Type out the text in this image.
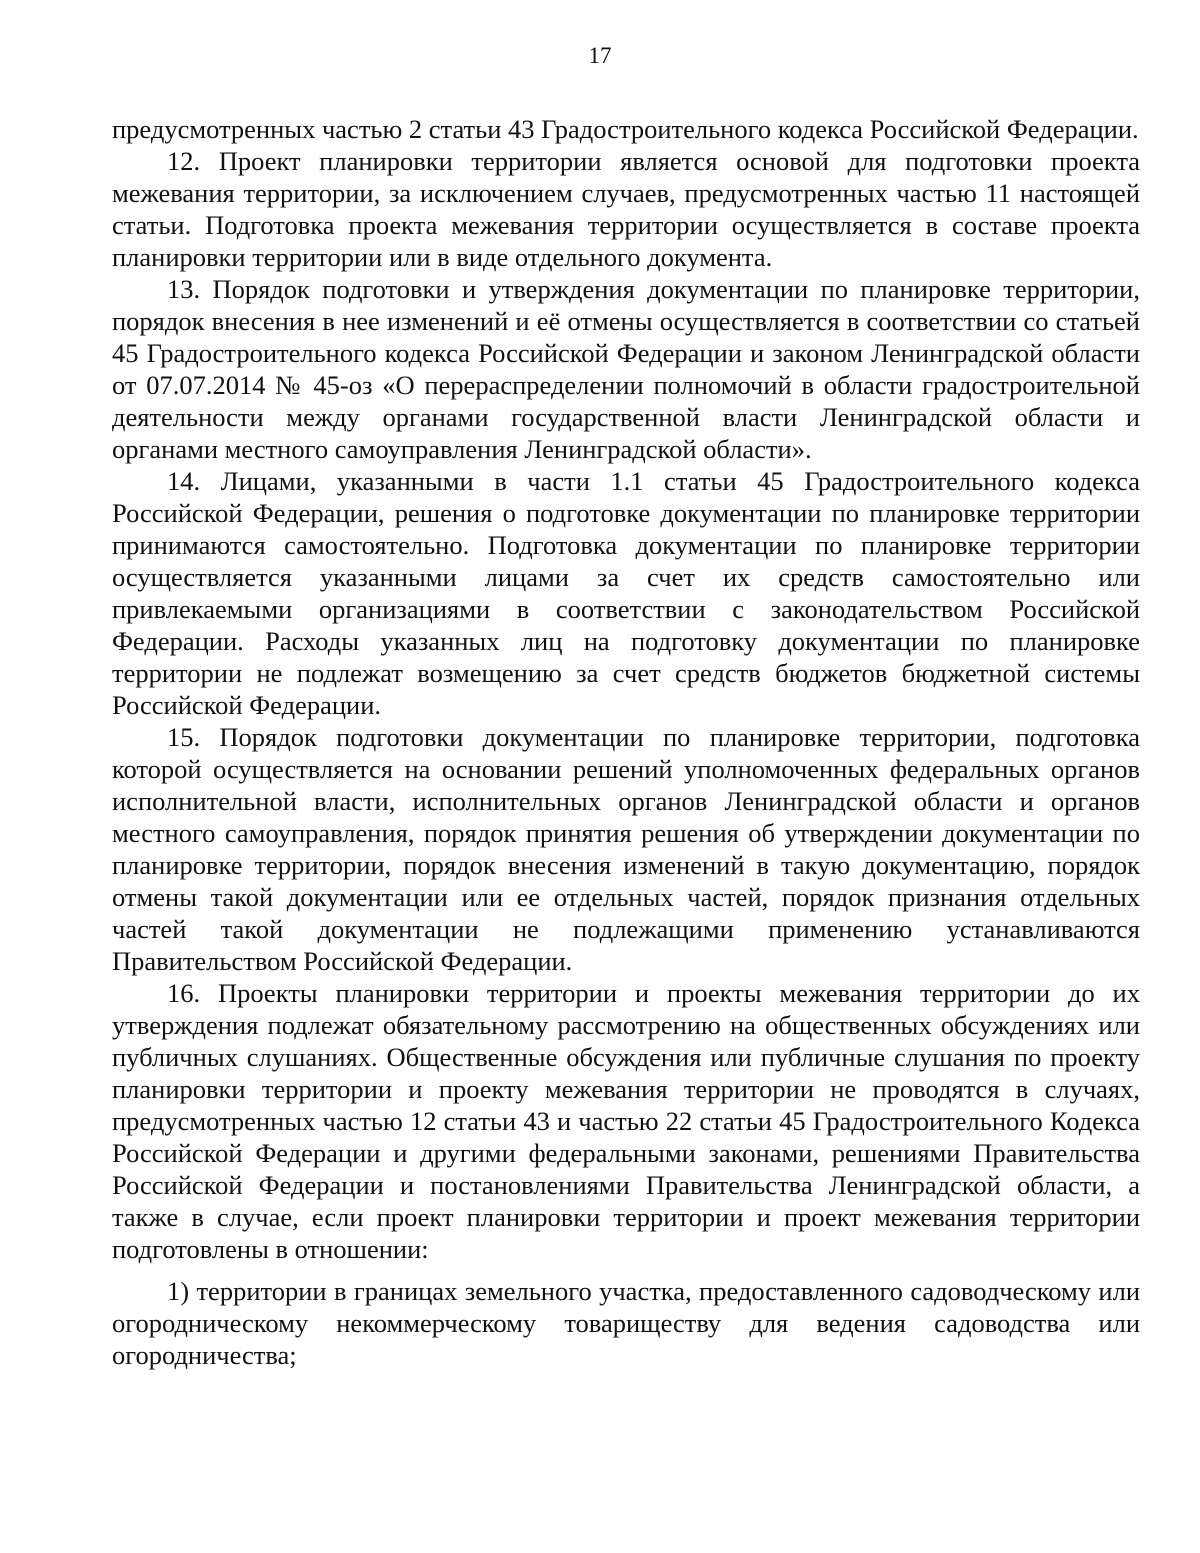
17

предусмотренных частью 2 статьи 43 Градостроительного кодекса Российской Федерации.

12. Проект планировки территории является основой для подготовки проекта межевания территории, за исключением случаев, предусмотренных частью 11 настоящей статьи. Подготовка проекта межевания территории осуществляется в составе проекта планировки территории или в виде отдельного документа.

13. Порядок подготовки и утверждения документации по планировке территории, порядок внесения в нее изменений и её отмены осуществляется в соответствии со статьей 45 Градостроительного кодекса Российской Федерации и законом Ленинградской области от 07.07.2014 № 45-оз «О перераспределении полномочий в области градостроительной деятельности между органами государственной власти Ленинградской области и органами местного самоуправления Ленинградской области».

14. Лицами, указанными в части 1.1 статьи 45 Градостроительного кодекса Российской Федерации, решения о подготовке документации по планировке территории принимаются самостоятельно. Подготовка документации по планировке территории осуществляется указанными лицами за счет их средств самостоятельно или привлекаемыми организациями в соответствии с законодательством Российской Федерации. Расходы указанных лиц на подготовку документации по планировке территории не подлежат возмещению за счет средств бюджетов бюджетной системы Российской Федерации.

15. Порядок подготовки документации по планировке территории, подготовка которой осуществляется на основании решений уполномоченных федеральных органов исполнительной власти, исполнительных органов Ленинградской области и органов местного самоуправления, порядок принятия решения об утверждении документации по планировке территории, порядок внесения изменений в такую документацию, порядок отмены такой документации или ее отдельных частей, порядок признания отдельных частей такой документации не подлежащими применению устанавливаются Правительством Российской Федерации.

16. Проекты планировки территории и проекты межевания территории до их утверждения подлежат обязательному рассмотрению на общественных обсуждениях или публичных слушаниях. Общественные обсуждения или публичные слушания по проекту планировки территории и проекту межевания территории не проводятся в случаях, предусмотренных частью 12 статьи 43 и частью 22 статьи 45 Градостроительного Кодекса Российской Федерации и другими федеральными законами, решениями Правительства Российской Федерации и постановлениями Правительства Ленинградской области, а также в случае, если проект планировки территории и проект межевания территории подготовлены в отношении:

1) территории в границах земельного участка, предоставленного садоводческому или огородническому некоммерческому товариществу для ведения садоводства или огородничества;
